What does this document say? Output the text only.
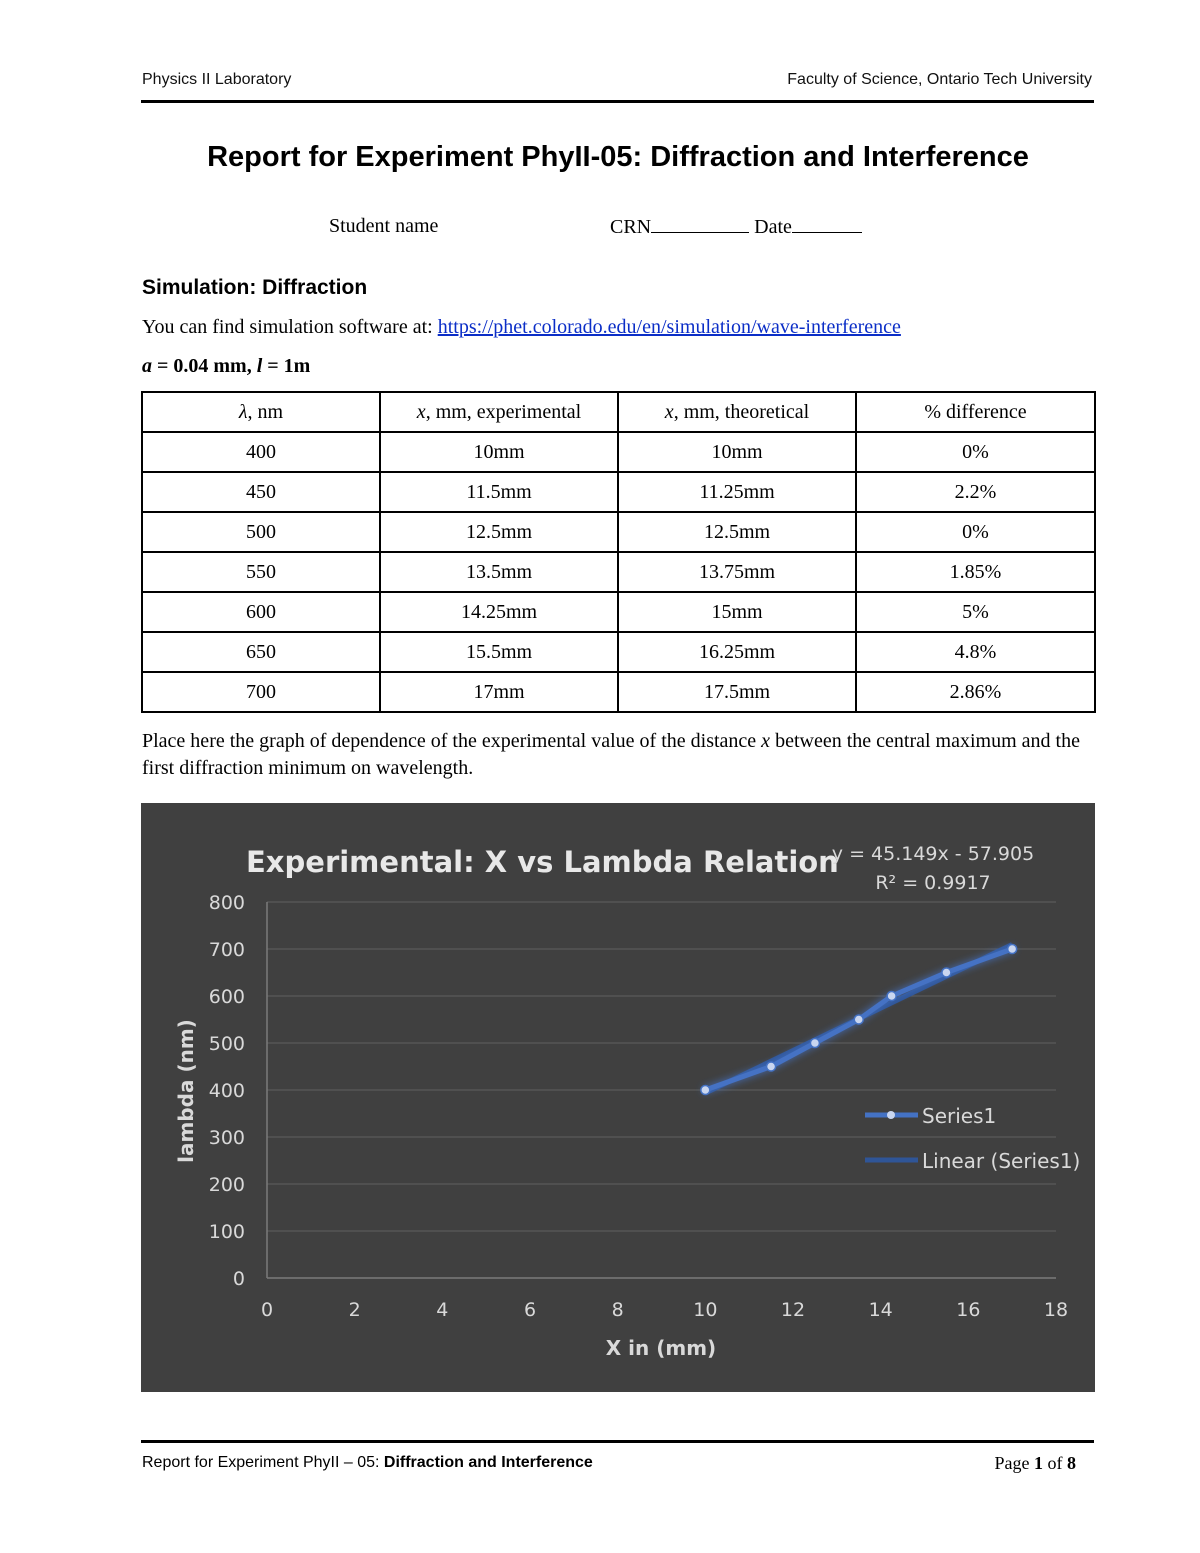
Physics II Laboratory	Faculty of Science, Ontario Tech University
Report for Experiment PhyII-05: Diffraction and Interference
Student name	CRN	Date
Simulation: Diffraction
You can find simulation software at: https://phet.colorado.edu/en/simulation/wave-interference
a = 0.04 mm, l = 1m
λ, nm	x, mm, experimental	x, mm, theoretical	% difference
400	10mm	10mm	0%
450	11.5mm	11.25mm	2.2%
500	12.5mm	12.5mm	0%
550	13.5mm	13.75mm	1.85%
600	14.25mm	15mm	5%
650	15.5mm	16.25mm	4.8%
700	17mm	17.5mm	2.86%
Place here the graph of dependence of the experimental value of the distance x between the central maximum and the first diffraction minimum on wavelength.
0
100
200
300
400
500
600
700
800
0	2	4	6	8	10	12	14	16	18
Experimental: X vs Lambda Relation
y = 45.149x - 57.905
R² = 0.9917
lambda (nm)
X in (mm)
Series1
Linear (Series1)
Report for Experiment PhyII – 05: Diffraction and Interference	Page 1 of 8
